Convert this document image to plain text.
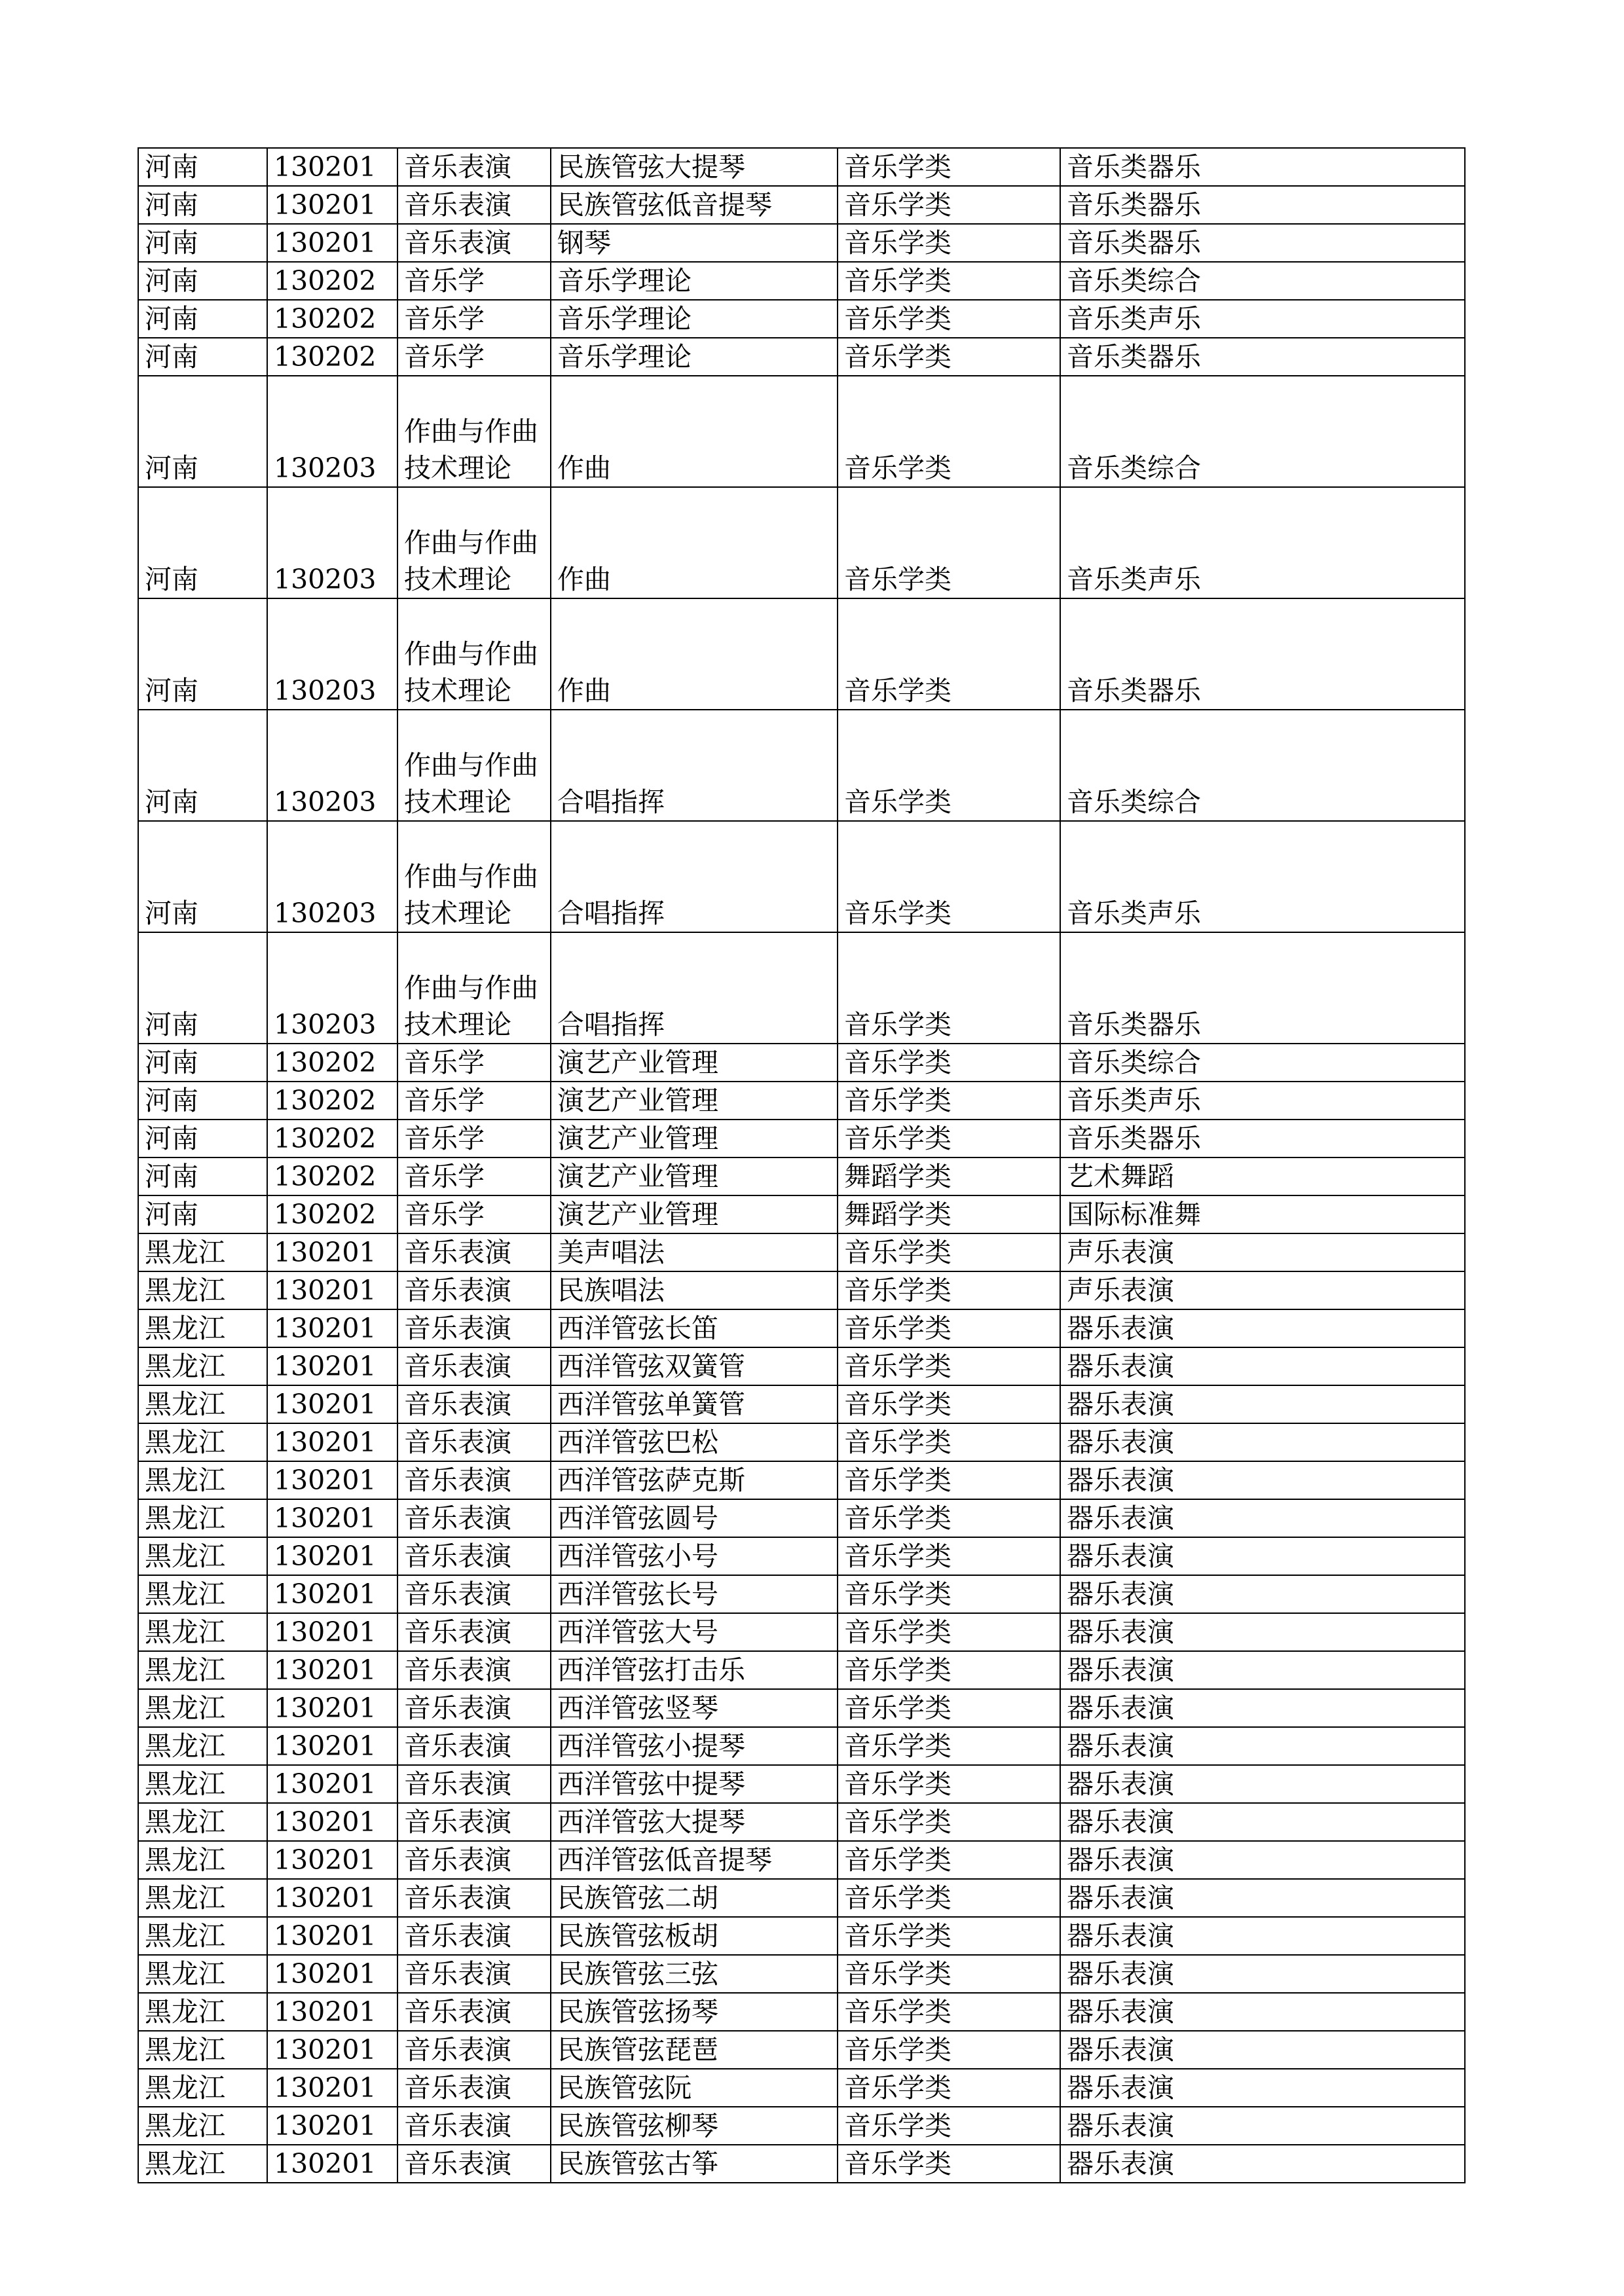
河南	130201	音乐表演	民族管弦大提琴	音乐学类	音乐类器乐
河南	130201	音乐表演	民族管弦低音提琴	音乐学类	音乐类器乐
河南	130201	音乐表演	钢琴	音乐学类	音乐类器乐
河南	130202	音乐学	音乐学理论	音乐学类	音乐类综合
河南	130202	音乐学	音乐学理论	音乐学类	音乐类声乐
河南	130202	音乐学	音乐学理论	音乐学类	音乐类器乐
河南	130203	作曲与作曲技术理论	作曲	音乐学类	音乐类综合
河南	130203	作曲与作曲技术理论	作曲	音乐学类	音乐类声乐
河南	130203	作曲与作曲技术理论	作曲	音乐学类	音乐类器乐
河南	130203	作曲与作曲技术理论	合唱指挥	音乐学类	音乐类综合
河南	130203	作曲与作曲技术理论	合唱指挥	音乐学类	音乐类声乐
河南	130203	作曲与作曲技术理论	合唱指挥	音乐学类	音乐类器乐
河南	130202	音乐学	演艺产业管理	音乐学类	音乐类综合
河南	130202	音乐学	演艺产业管理	音乐学类	音乐类声乐
河南	130202	音乐学	演艺产业管理	音乐学类	音乐类器乐
河南	130202	音乐学	演艺产业管理	舞蹈学类	艺术舞蹈
河南	130202	音乐学	演艺产业管理	舞蹈学类	国际标准舞
黑龙江	130201	音乐表演	美声唱法	音乐学类	声乐表演
黑龙江	130201	音乐表演	民族唱法	音乐学类	声乐表演
黑龙江	130201	音乐表演	西洋管弦长笛	音乐学类	器乐表演
黑龙江	130201	音乐表演	西洋管弦双簧管	音乐学类	器乐表演
黑龙江	130201	音乐表演	西洋管弦单簧管	音乐学类	器乐表演
黑龙江	130201	音乐表演	西洋管弦巴松	音乐学类	器乐表演
黑龙江	130201	音乐表演	西洋管弦萨克斯	音乐学类	器乐表演
黑龙江	130201	音乐表演	西洋管弦圆号	音乐学类	器乐表演
黑龙江	130201	音乐表演	西洋管弦小号	音乐学类	器乐表演
黑龙江	130201	音乐表演	西洋管弦长号	音乐学类	器乐表演
黑龙江	130201	音乐表演	西洋管弦大号	音乐学类	器乐表演
黑龙江	130201	音乐表演	西洋管弦打击乐	音乐学类	器乐表演
黑龙江	130201	音乐表演	西洋管弦竖琴	音乐学类	器乐表演
黑龙江	130201	音乐表演	西洋管弦小提琴	音乐学类	器乐表演
黑龙江	130201	音乐表演	西洋管弦中提琴	音乐学类	器乐表演
黑龙江	130201	音乐表演	西洋管弦大提琴	音乐学类	器乐表演
黑龙江	130201	音乐表演	西洋管弦低音提琴	音乐学类	器乐表演
黑龙江	130201	音乐表演	民族管弦二胡	音乐学类	器乐表演
黑龙江	130201	音乐表演	民族管弦板胡	音乐学类	器乐表演
黑龙江	130201	音乐表演	民族管弦三弦	音乐学类	器乐表演
黑龙江	130201	音乐表演	民族管弦扬琴	音乐学类	器乐表演
黑龙江	130201	音乐表演	民族管弦琵琶	音乐学类	器乐表演
黑龙江	130201	音乐表演	民族管弦阮	音乐学类	器乐表演
黑龙江	130201	音乐表演	民族管弦柳琴	音乐学类	器乐表演
黑龙江	130201	音乐表演	民族管弦古筝	音乐学类	器乐表演
